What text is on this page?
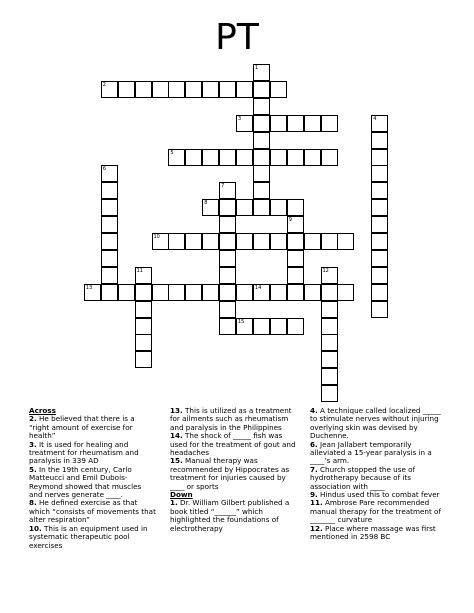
PT
1
2
3	4
5
6
7
8
9
10
11	12
13	14
15
Across
2. He believed that there is a “right amount of exercise for health”
3. It is used for healing and treatment for rheumatism and paralysis in 339 AD
5. In the 19th century, Carlo Matteucci and Emil Dubois-Reymond showed that muscles and nerves generate ____.
8. He defined exercise as that which “consists of movements that alter respiration”
10. This is an equipment used in systematic therapeutic pool exercises
13. This is utilized as a treatment for ailments such as rheumatism and paralysis in the Philippines
14. The shock of _____ fish was used for the treatment of gout and headaches
15. Manual therapy was recommended by Hippocrates as treatment for injuries caused by ____ or sports
Down
1. Dr. William Gilbert published a book titled “______” which highlighted the foundations of electrotherapy
4. A technique called localized _____ to stimulate nerves without injuring overlying skin was devised by Duchenne.
6. Jean Jallabert temporarily alleviated a 15-year paralysis in a ____’s arm.
7. Church stopped the use of hydrotherapy because of its association with ____
9. Hindus used this to combat fever
11. Ambrose Pare recommended manual therapy for the treatment of _______ curvature
12. Place where massage was first mentioned in 2598 BC
